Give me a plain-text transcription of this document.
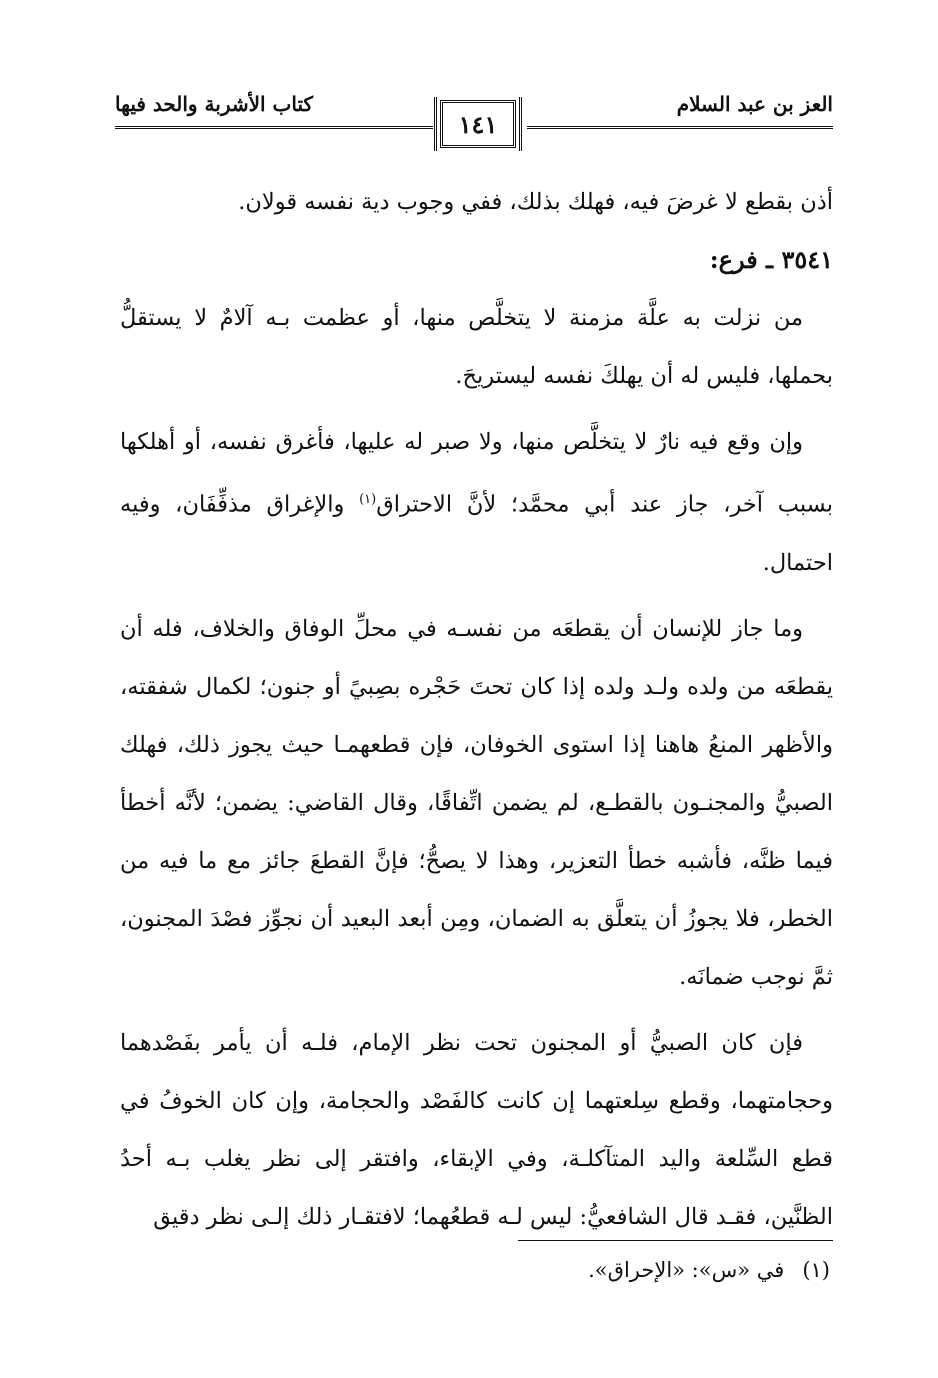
العز بن عبد السلام
كتاب الأشربة والحد فيها
١٤١

أذن بقطع لا غرضَ فيه، فهلك بذلك، ففي وجوب دية نفسه قولان.

٣٥٤١ ـ فرع:

من نزلت به علَّة مزمنة لا يتخلَّص منها، أو عظمت بـه آلامٌ لا يستقلُّ بحملها، فليس له أن يهلكَ نفسه ليستريحَ.

وإن وقع فيه نارٌ لا يتخلَّص منها، ولا صبر له عليها، فأغرق نفسه، أو أهلكها بسبب آخر، جاز عند أبي محمَّد؛ لأنَّ الاحتراق$^{(١)}$ والإغراق مذفِّفَان، وفيه احتمال.

وما جاز للإنسان أن يقطعَه من نفسـه في محلِّ الوفاق والخلاف، فله أن يقطعَه من ولده ولـد ولده إذا كان تحتَ حَجْره بصِبيً أو جنون؛ لكمال شفقته، والأظهر المنعُ هاهنا إذا استوى الخوفان، فإن قطعهمـا حيث يجوز ذلك، فهلك الصبيُّ والمجنـون بالقطـع، لم يضمن اتِّفاقًا، وقال القاضي: يضمن؛ لأنَّه أخطأ فيما ظنَّه، فأشبه خطأ التعزير، وهذا لا يصحُّ؛ فإنَّ القطعَ جائز مع ما فيه من الخطر، فلا يجوزُ أن يتعلَّق به الضمان، ومِن أبعد البعيد أن نجوِّز فصْدَ المجنون، ثمَّ نوجب ضمانَه.

فإن كان الصبيُّ أو المجنون تحت نظر الإمام، فلـه أن يأمر بفَصْدهما وحجامتهما، وقطع سِلعتهما إن كانت كالفَصْد والحجامة، وإن كان الخوفُ في قطع السِّلعة واليد المتآكلـة، وفي الإبقاء، وافتقر إلى نظر يغلب بـه أحدُ الظنَّين، فقـد قال الشافعيُّ: ليس لـه قطعُهما؛ لافتقـار ذلك إلـى نظر دقيق

(١)في «س»: «الإحراق».
